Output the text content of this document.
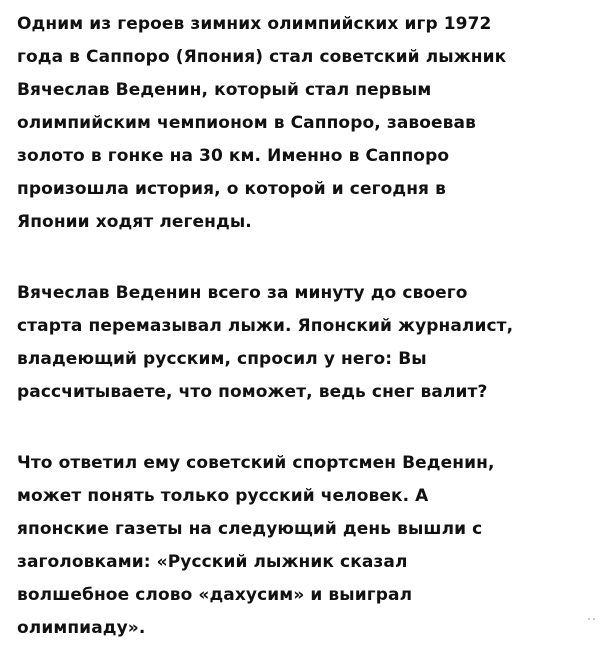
Одним из героев зимних олимпийских игр 1972
года в Саппоро (Япония) стал советский лыжник
Вячеслав Веденин, который стал первым
олимпийским чемпионом в Саппоро, завоевав
золото в гонке на 30 км. Именно в Саппоро
произошла история, о которой и сегодня в
Японии ходят легенды.

Вячеслав Веденин всего за минуту до своего
старта перемазывал лыжи. Японский журналист,
владеющий русским, спросил у него: Вы
рассчитываете, что поможет, ведь снег валит?

Что ответил ему советский спортсмен Веденин,
может понять только русский человек. А
японские газеты на следующий день вышли с
заголовками: «Русский лыжник сказал
волшебное слово «дахусим» и выиграл
олимпиаду».
